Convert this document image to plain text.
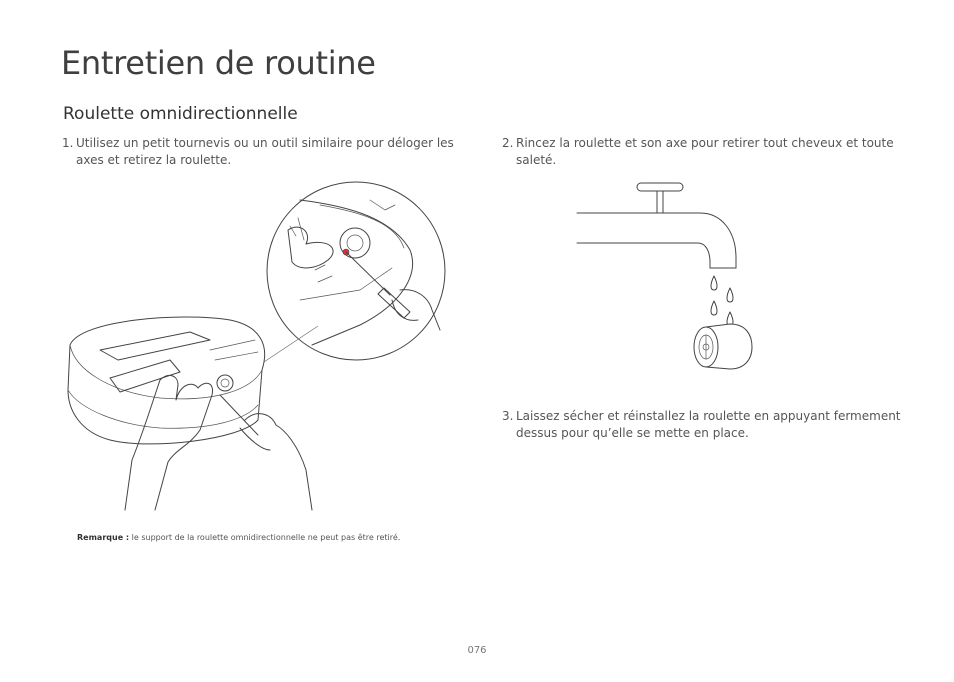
Entretien de routine
Roulette omnidirectionnelle
1. Utilisez un petit tournevis ou un outil similaire pour déloger les axes et retirez la roulette.
2. Rincez la roulette et son axe pour retirer tout cheveux et toute saleté.
3. Laissez sécher et réinstallez la roulette en appuyant fermement dessus pour qu’elle se mette en place.
Remarque : le support de la roulette omnidirectionnelle ne peut pas être retiré.
076
